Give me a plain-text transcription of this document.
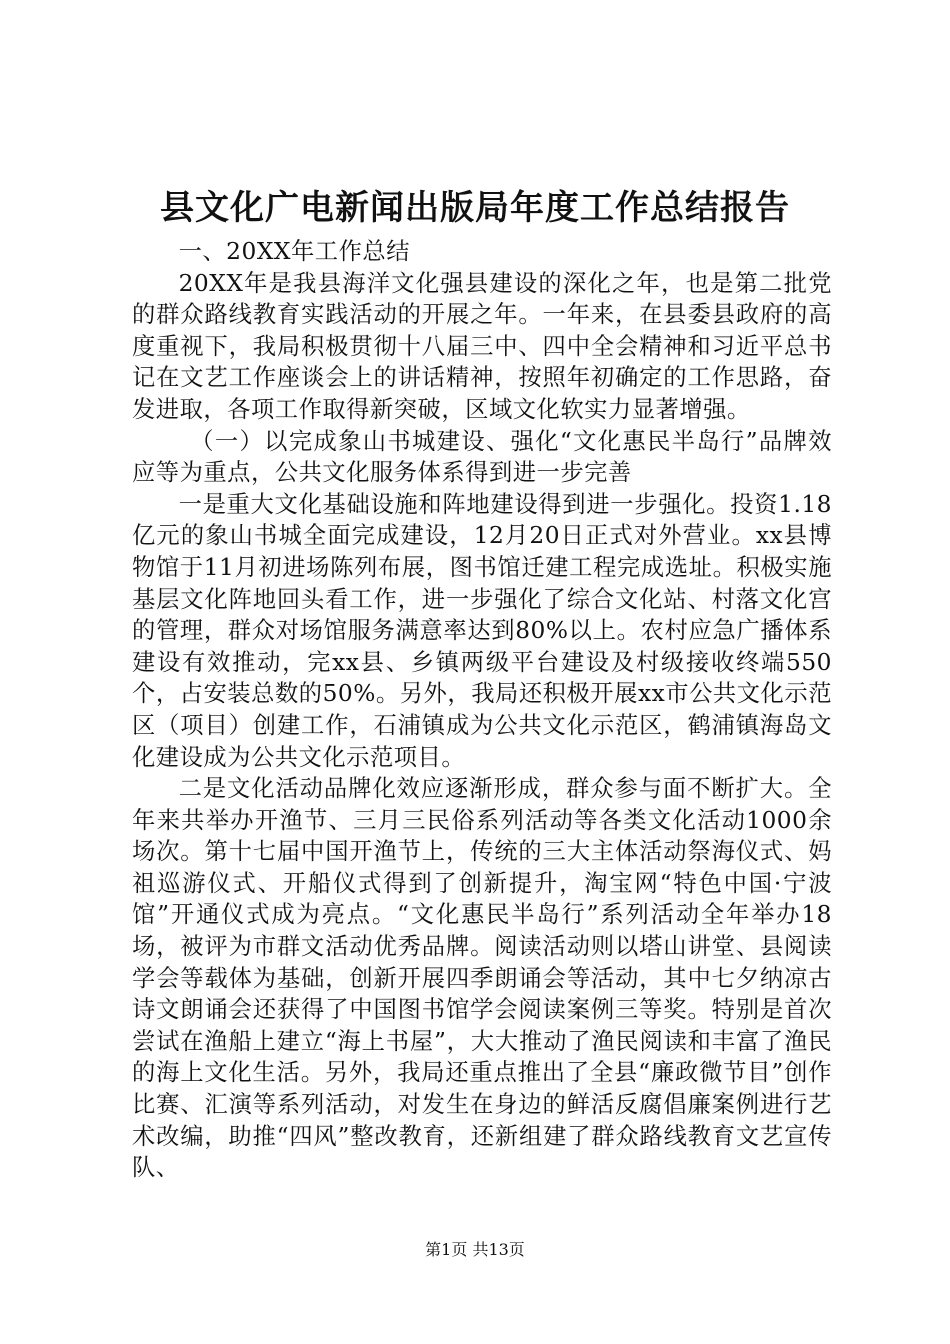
县文化广电新闻出版局年度工作总结报告

一、20XX年工作总结

20XX年是我县海洋文化强县建设的深化之年，也是第二批党的群众路线教育实践活动的开展之年。一年来，在县委县政府的高度重视下，我局积极贯彻十八届三中、四中全会精神和习近平总书记在文艺工作座谈会上的讲话精神，按照年初确定的工作思路，奋发进取，各项工作取得新突破，区域文化软实力显著增强。

（一）以完成象山书城建设、强化“文化惠民半岛行”品牌效应等为重点，公共文化服务体系得到进一步完善

一是重大文化基础设施和阵地建设得到进一步强化。投资1.18亿元的象山书城全面完成建设，12月20日正式对外营业。xx县博物馆于11月初进场陈列布展，图书馆迁建工程完成选址。积极实施基层文化阵地回头看工作，进一步强化了综合文化站、村落文化宫的管理，群众对场馆服务满意率达到80%以上。农村应急广播体系建设有效推动，完xx县、乡镇两级平台建设及村级接收终端550个，占安装总数的50%。另外，我局还积极开展xx市公共文化示范区（项目）创建工作，石浦镇成为公共文化示范区，鹤浦镇海岛文化建设成为公共文化示范项目。

二是文化活动品牌化效应逐渐形成，群众参与面不断扩大。全年来共举办开渔节、三月三民俗系列活动等各类文化活动1000余场次。第十七届中国开渔节上，传统的三大主体活动祭海仪式、妈祖巡游仪式、开船仪式得到了创新提升，淘宝网“特色中国·宁波馆”开通仪式成为亮点。“文化惠民半岛行”系列活动全年举办18场，被评为市群文活动优秀品牌。阅读活动则以塔山讲堂、县阅读学会等载体为基础，创新开展四季朗诵会等活动，其中七夕纳凉古诗文朗诵会还获得了中国图书馆学会阅读案例三等奖。特别是首次尝试在渔船上建立“海上书屋”，大大推动了渔民阅读和丰富了渔民的海上文化生活。另外，我局还重点推出了全县“廉政微节目”创作比赛、汇演等系列活动，对发生在身边的鲜活反腐倡廉案例进行艺术改编，助推“四风”整改教育，还新组建了群众路线教育文艺宣传队、

第1页 共13页
